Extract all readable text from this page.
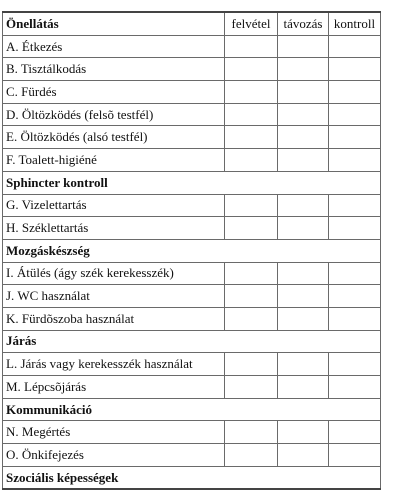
Önellátás	felvétel	távozás	kontroll
A. Étkezés			
B. Tisztálkodás			
C. Fürdés			
D. Öltözködés (felsõ testfél)			
E. Öltözködés (alsó testfél)			
F. Toalett-higiéné			
Sphincter kontroll			
G. Vizelettartás			
H. Széklettartás			
Mozgáskészség			
I. Átülés (ágy szék kerekesszék)			
J. WC használat			
K. Fürdõszoba használat			
Járás			
L. Járás vagy kerekesszék használat			
M. Lépcsõjárás			
Kommunikáció			
N. Megértés			
O. Önkifejezés			
Szociális képességek			
